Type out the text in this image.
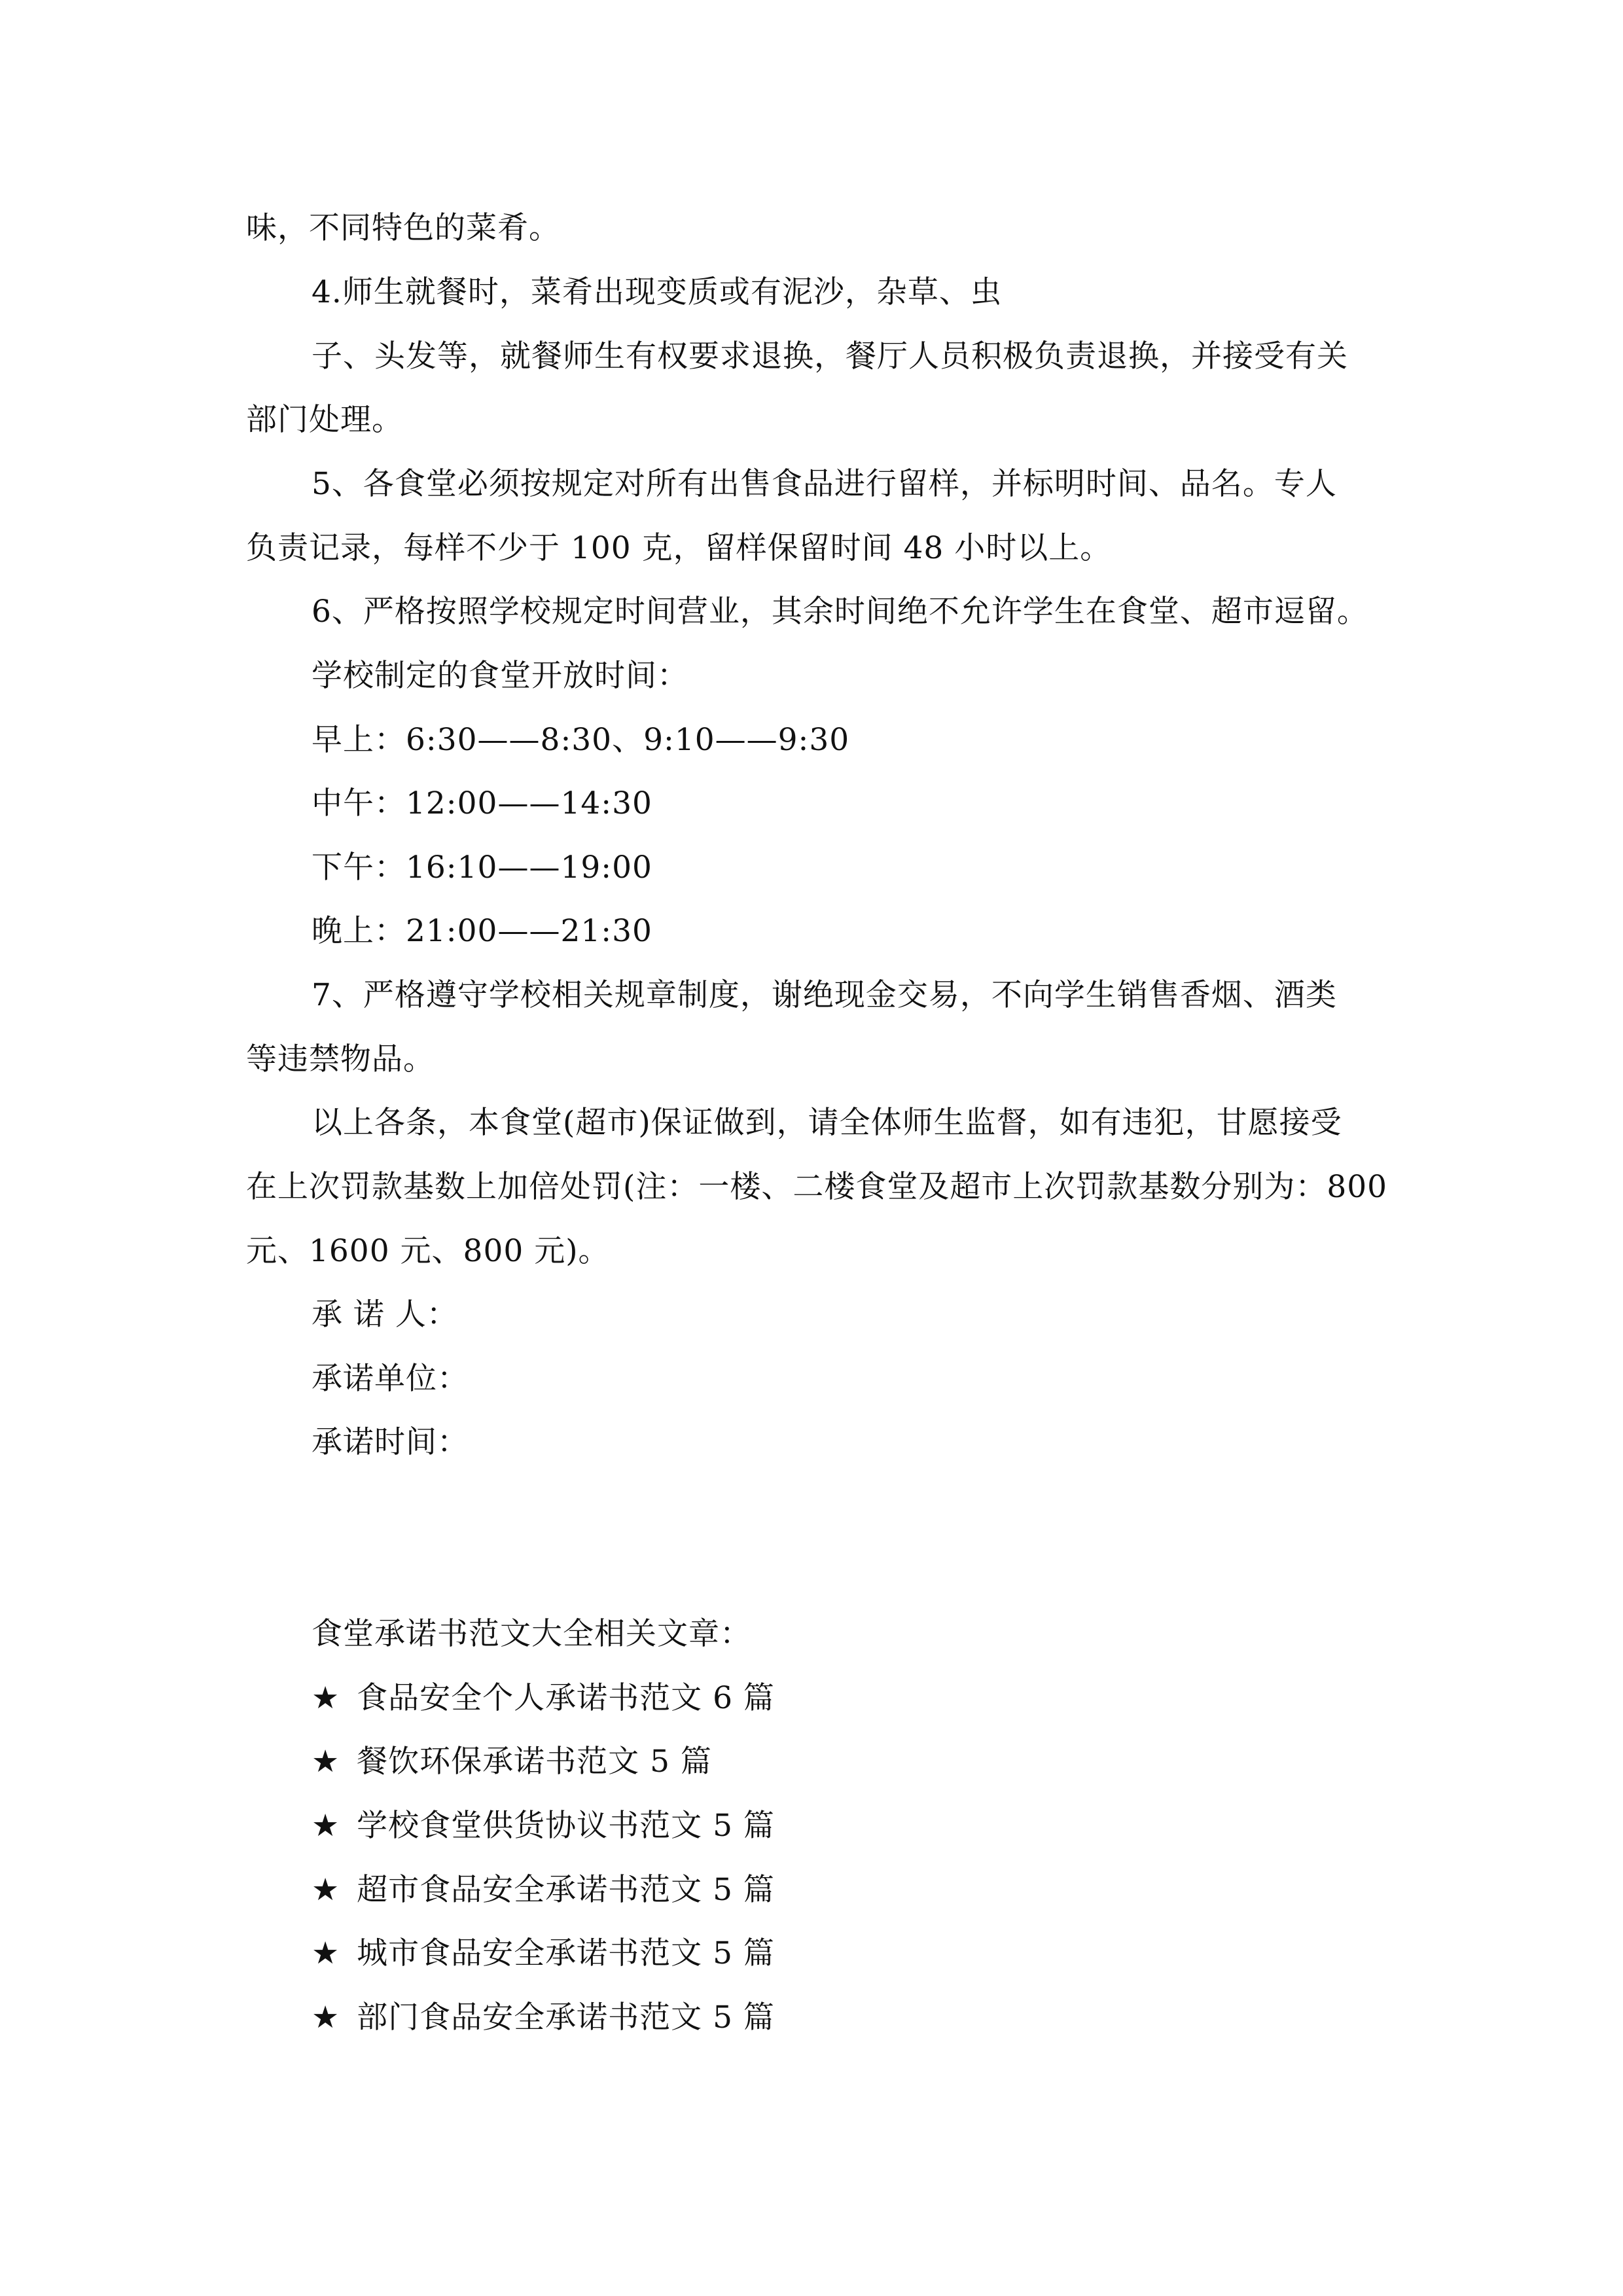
味，不同特色的菜肴。
4.师生就餐时，菜肴出现变质或有泥沙，杂草、虫
子、头发等，就餐师生有权要求退换，餐厅人员积极负责退换，并接受有关
部门处理。
5、各食堂必须按规定对所有出售食品进行留样，并标明时间、品名。专人
负责记录，每样不少于 100 克，留样保留时间 48 小时以上。
6、严格按照学校规定时间营业，其余时间绝不允许学生在食堂、超市逗留。
学校制定的食堂开放时间：
早上：6:30——8:30、9:10——9:30
中午：12:00——14:30
下午：16:10——19:00
晚上：21:00——21:30
7、严格遵守学校相关规章制度，谢绝现金交易，不向学生销售香烟、酒类
等违禁物品。
以上各条，本食堂(超市)保证做到，请全体师生监督，如有违犯，甘愿接受
在上次罚款基数上加倍处罚(注：一楼、二楼食堂及超市上次罚款基数分别为：800
元、1600 元、800 元)。
承 诺 人：
承诺单位：
承诺时间：
食堂承诺书范文大全相关文章：
★ 食品安全个人承诺书范文 6 篇
★ 餐饮环保承诺书范文 5 篇
★ 学校食堂供货协议书范文 5 篇
★ 超市食品安全承诺书范文 5 篇
★ 城市食品安全承诺书范文 5 篇
★ 部门食品安全承诺书范文 5 篇
